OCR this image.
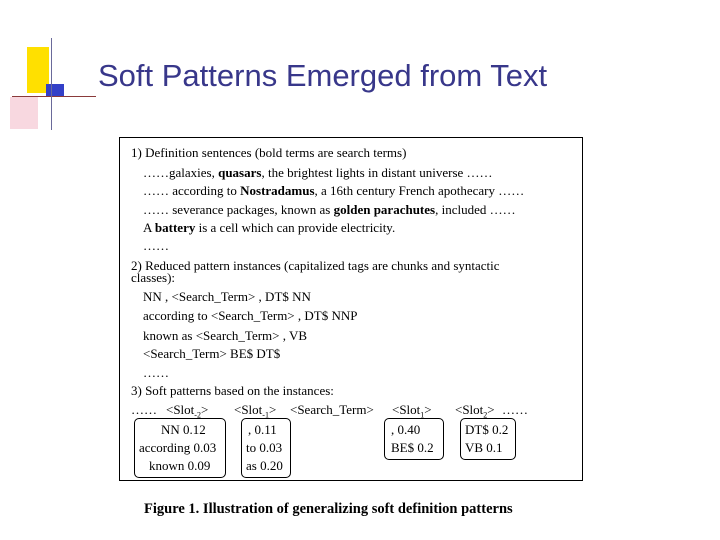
Soft Patterns Emerged from Text
1) Definition sentences (bold terms are search terms)
……galaxies, quasars, the brightest lights in distant universe ……
…… according to Nostradamus, a 16th century French apothecary ……
…… severance packages, known as golden parachutes, included ……
A battery is a cell which can provide electricity.
……
2) Reduced pattern instances (capitalized tags are chunks and syntactic
classes):
NN , <Search_Term> , DT$ NN
according to <Search_Term> , DT$ NNP
known as <Search_Term> , VB
<Search_Term> BE$ DT$
……
3) Soft patterns based on the instances:
…… <Slot$_{-2}$> <Slot$_{-1}$> <Search_Term> <Slot$_1$> <Slot$_2$> ……
NN 0.12
according 0.03
known 0.09
, 0.11
to 0.03
as 0.20
, 0.40
BE$ 0.2
DT$ 0.2
VB 0.1
Figure 1. Illustration of generalizing soft definition patterns
